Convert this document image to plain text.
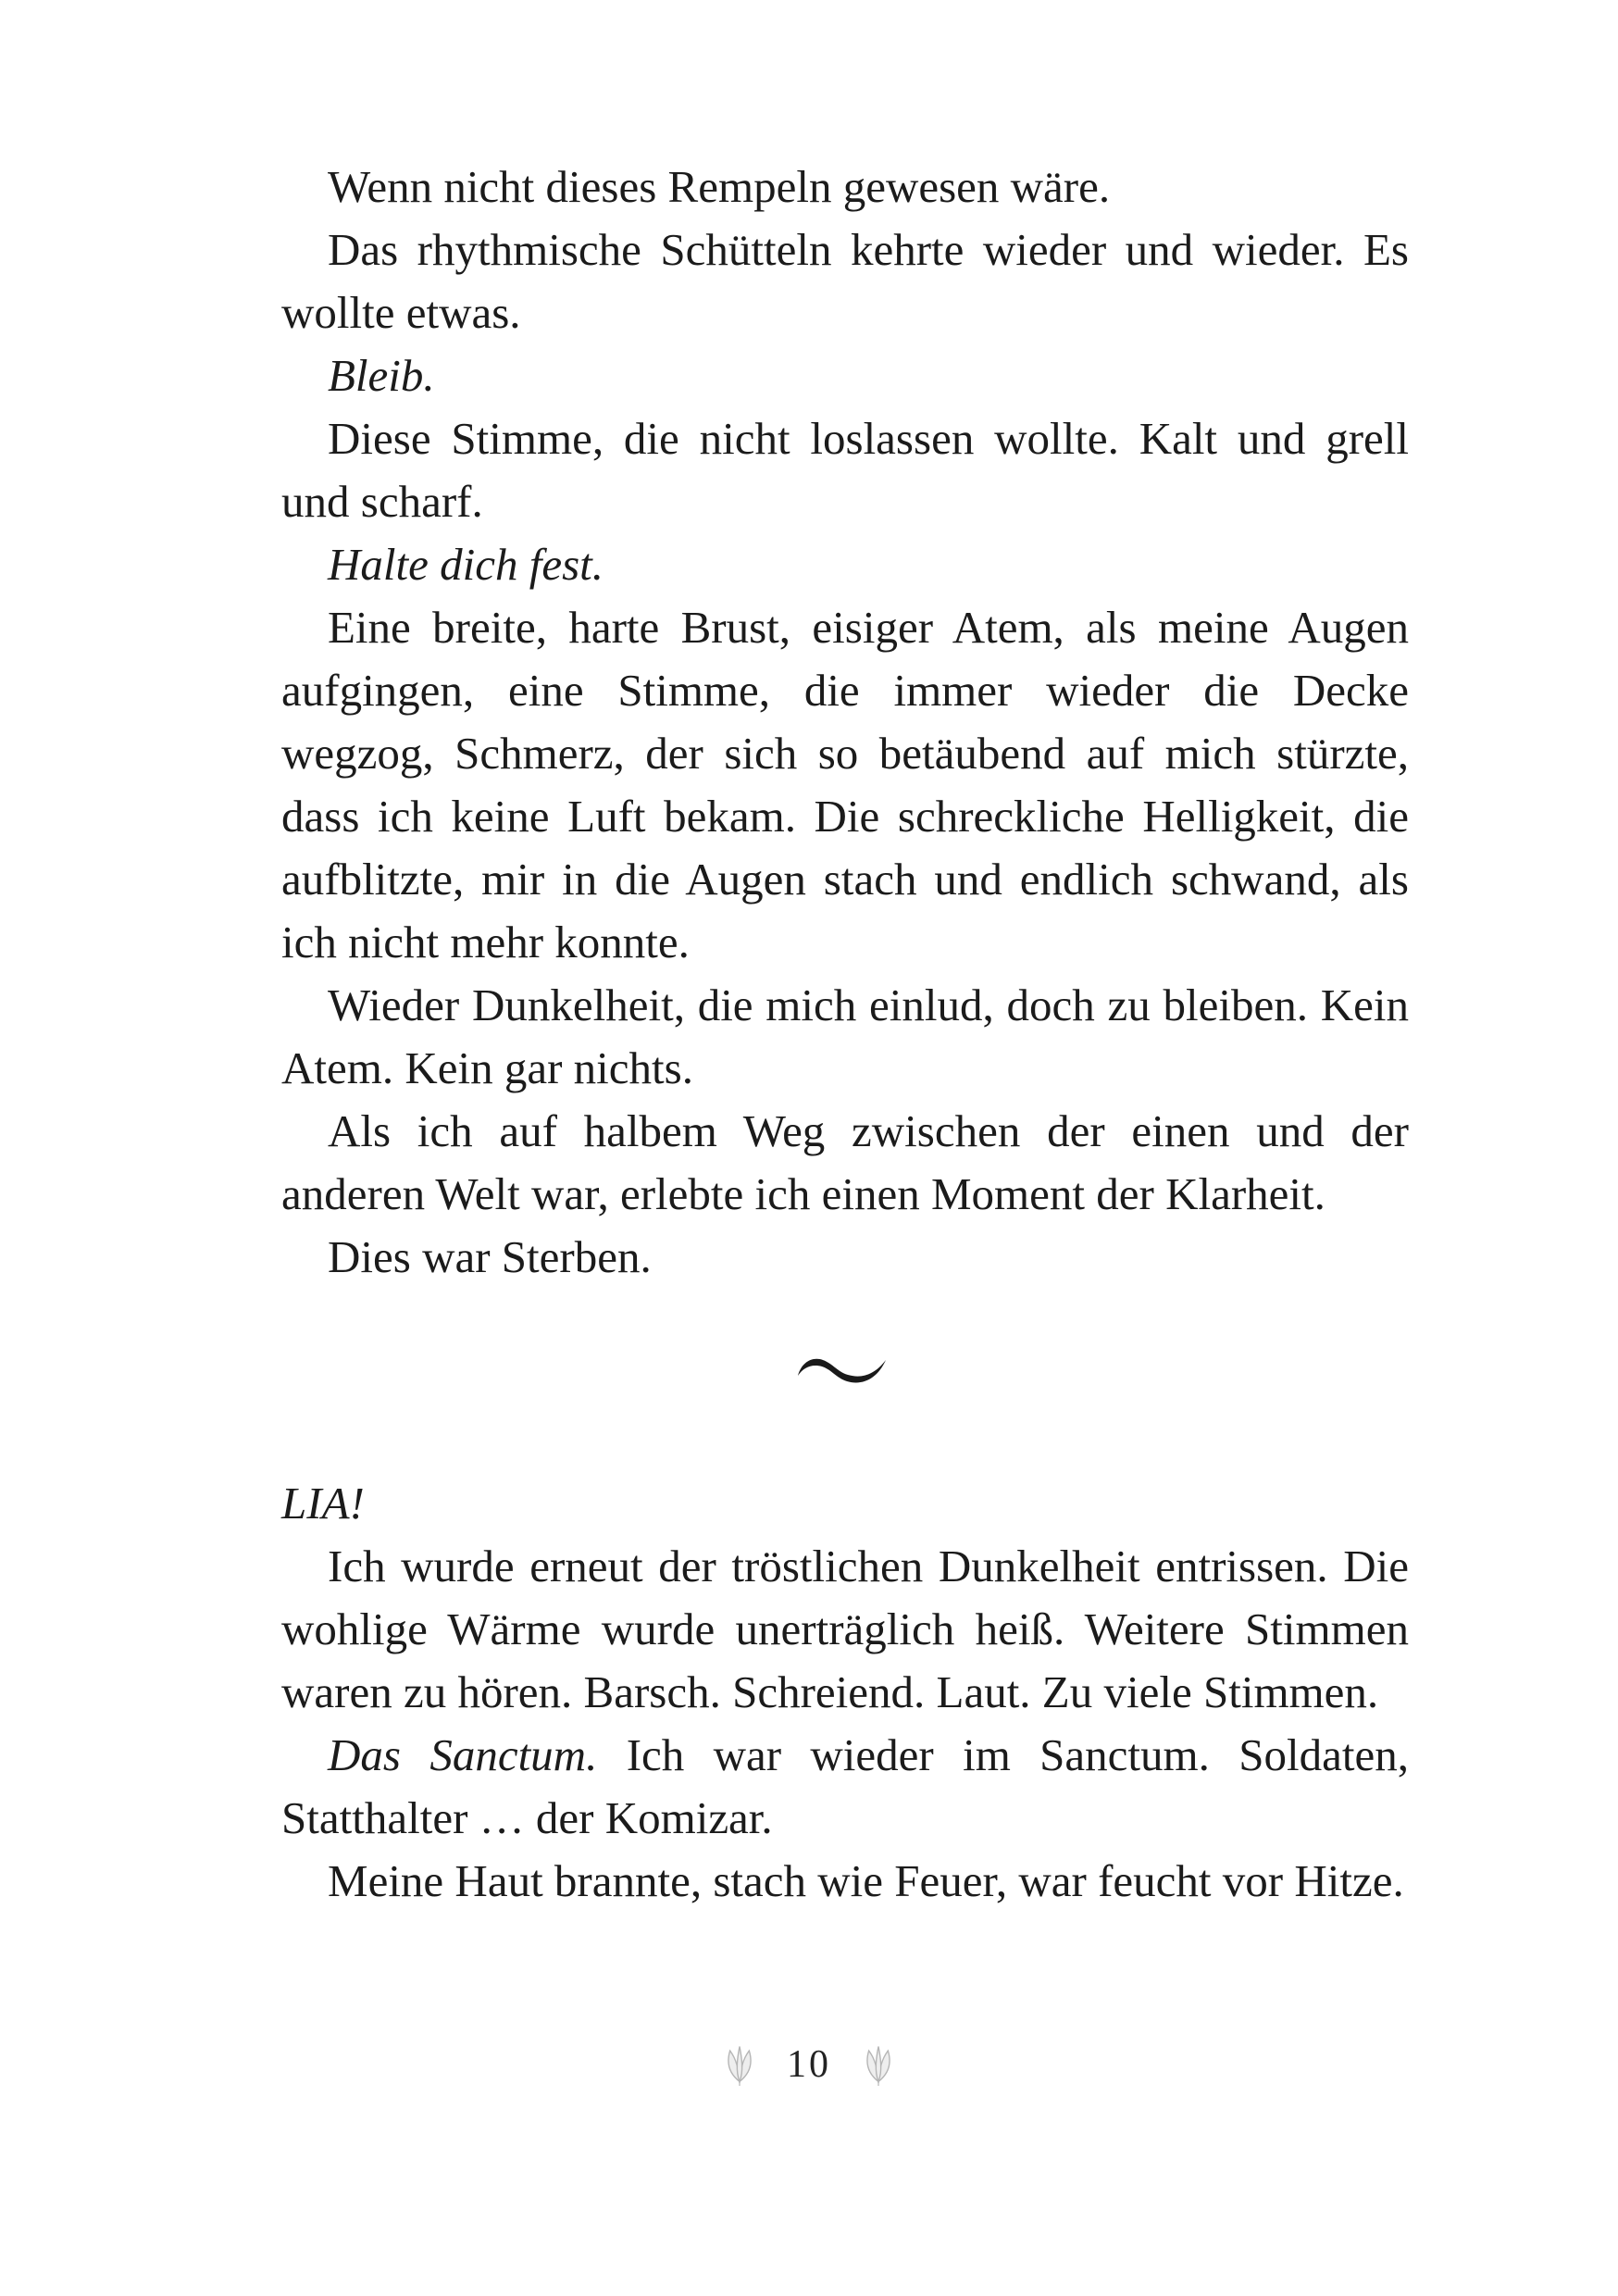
Wenn nicht dieses Rempeln gewesen wäre.

Das rhythmische Schütteln kehrte wieder und wieder. Es wollte etwas.

Bleib.

Diese Stimme, die nicht loslassen wollte. Kalt und grell und scharf.

Halte dich fest.

Eine breite, harte Brust, eisiger Atem, als meine Augen aufgingen, eine Stimme, die immer wieder die Decke wegzog, Schmerz, der sich so betäubend auf mich stürzte, dass ich keine Luft bekam. Die schreckliche Helligkeit, die aufblitzte, mir in die Augen stach und endlich schwand, als ich nicht mehr konnte.

Wieder Dunkelheit, die mich einlud, doch zu bleiben. Kein Atem. Kein gar nichts.

Als ich auf halbem Weg zwischen der einen und der anderen Welt war, erlebte ich einen Moment der Klarheit.

Dies war Sterben.

LIA!

Ich wurde erneut der tröstlichen Dunkelheit entrissen. Die wohlige Wärme wurde unerträglich heiß. Weitere Stimmen waren zu hören. Barsch. Schreiend. Laut. Zu viele Stimmen.

Das Sanctum. Ich war wieder im Sanctum. Soldaten, Statthalter … der Komizar.

Meine Haut brannte, stach wie Feuer, war feucht vor Hitze.

10
